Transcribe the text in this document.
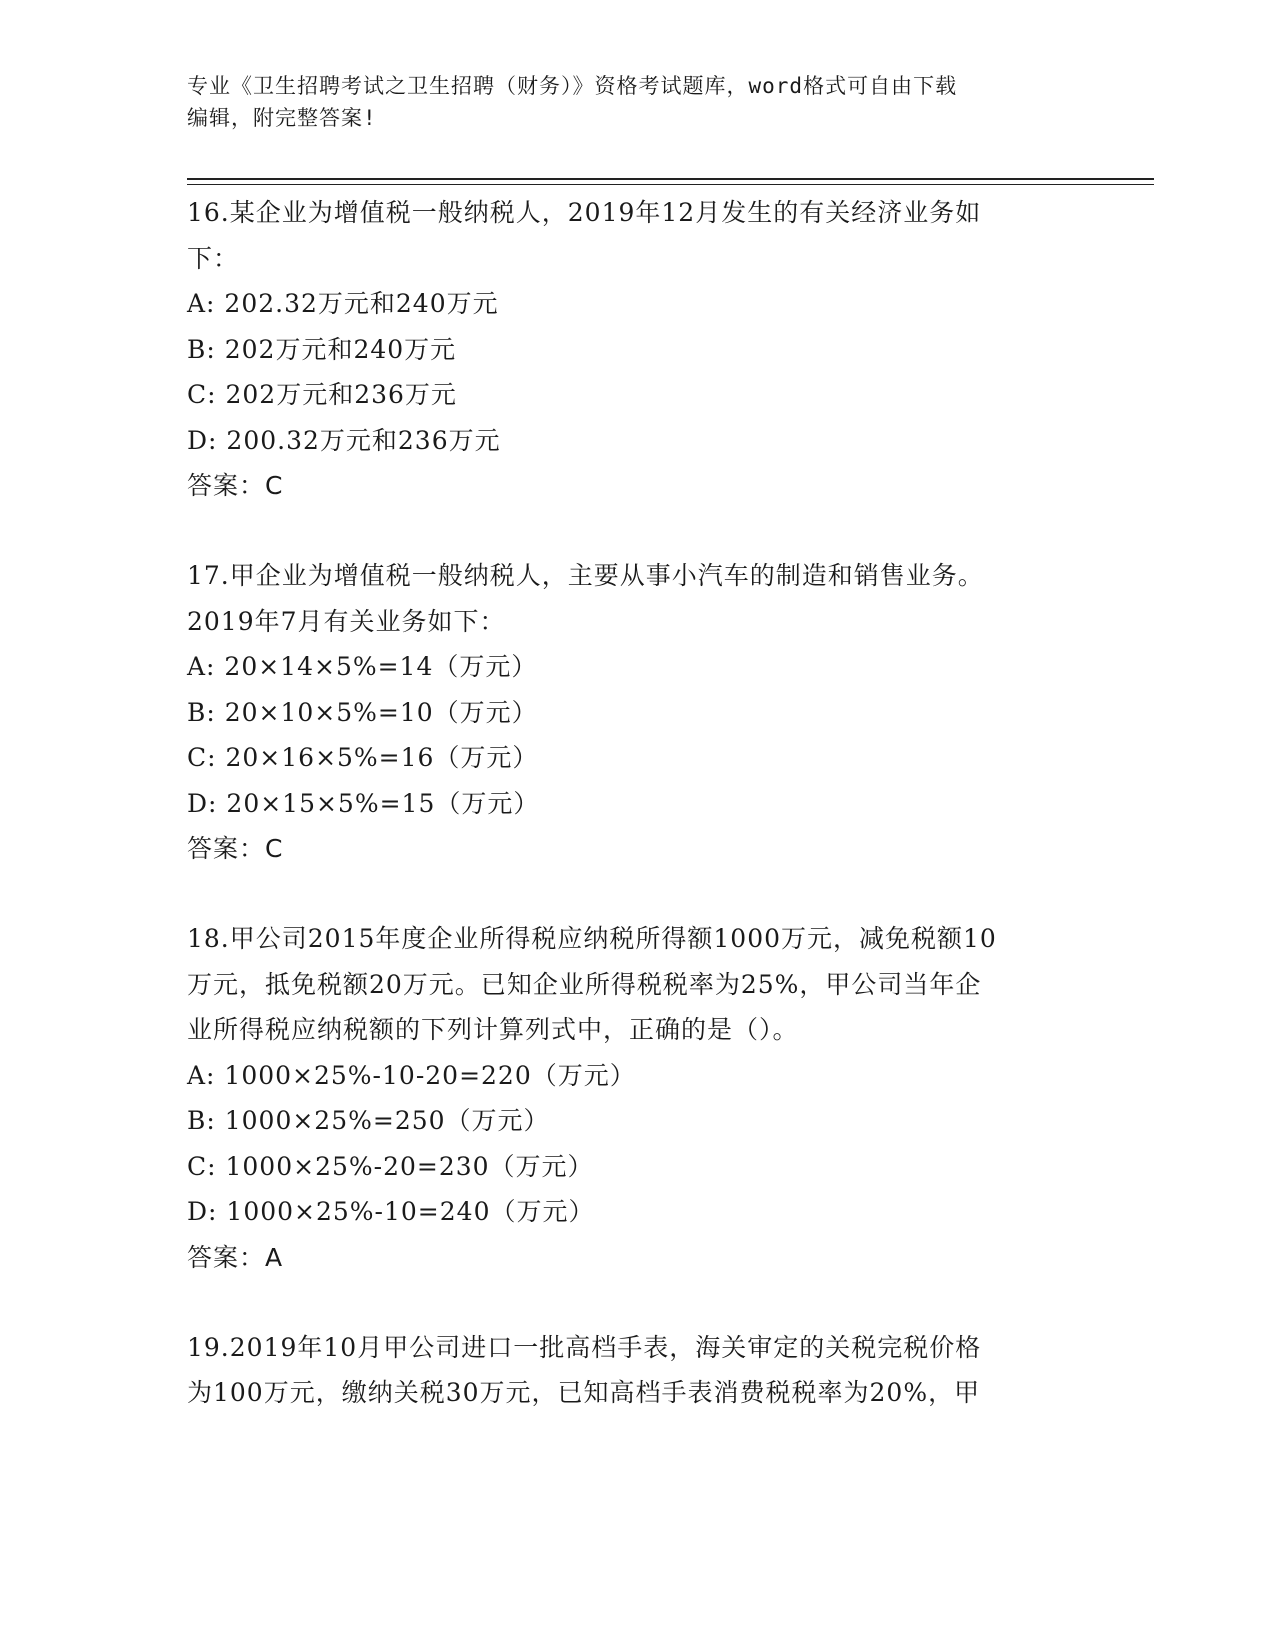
专业《卫生招聘考试之卫生招聘（财务）》资格考试题库，word格式可自由下载
编辑，附完整答案!
16.某企业为增值税一般纳税人，2019年12月发生的有关经济业务如
下：
A: 202.32万元和240万元
B: 202万元和240万元
C: 202万元和236万元
D: 200.32万元和236万元
答案：C
17.甲企业为增值税一般纳税人，主要从事小汽车的制造和销售业务。
2019年7月有关业务如下：
A: 20×14×5%=14（万元）
B: 20×10×5%=10（万元）
C: 20×16×5%=16（万元）
D: 20×15×5%=15（万元）
答案：C
18.甲公司2015年度企业所得税应纳税所得额1000万元，减免税额10
万元，抵免税额20万元。已知企业所得税税率为25%，甲公司当年企
业所得税应纳税额的下列计算列式中，正确的是（）。
A: 1000×25%-10-20=220（万元）
B: 1000×25%=250（万元）
C: 1000×25%-20=230（万元）
D: 1000×25%-10=240（万元）
答案：A
19.2019年10月甲公司进口一批高档手表，海关审定的关税完税价格
为100万元，缴纳关税30万元，已知高档手表消费税税率为20%，甲
